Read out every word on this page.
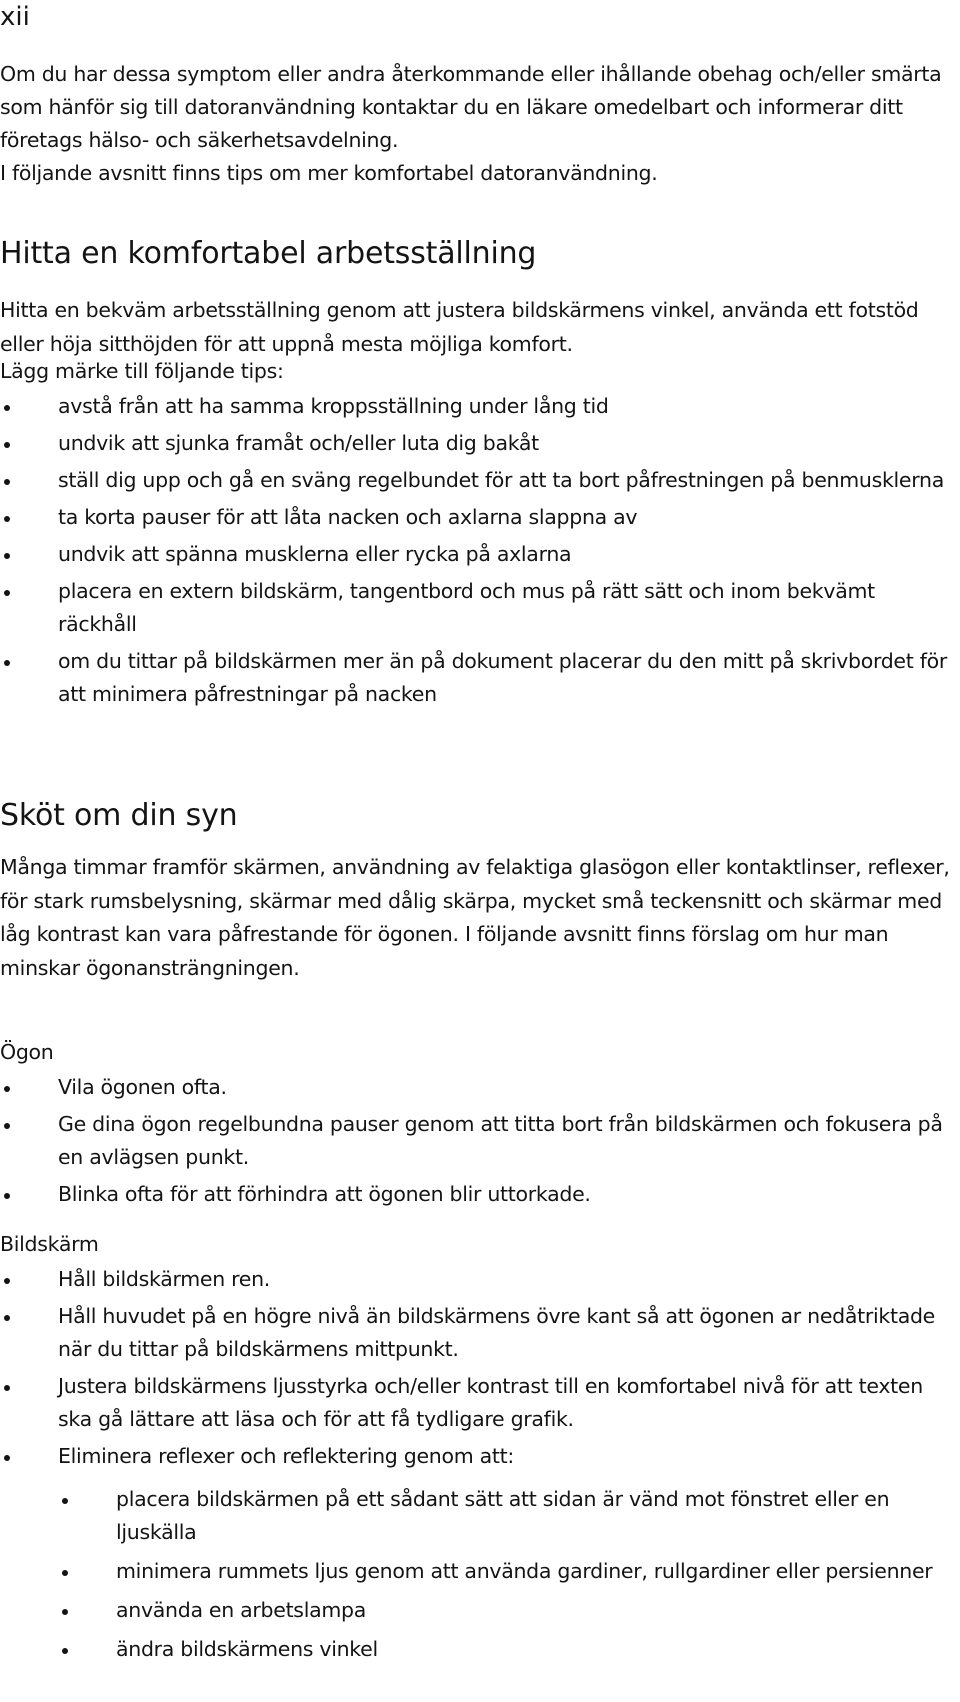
xii

Om du har dessa symptom eller andra återkommande eller ihållande obehag och/eller smärta som hänför sig till datoranvändning kontaktar du en läkare omedelbart och informerar ditt företags hälso- och säkerhetsavdelning.

I följande avsnitt finns tips om mer komfortabel datoranvändning.

Hitta en komfortabel arbetsställning

Hitta en bekväm arbetsställning genom att justera bildskärmens vinkel, använda ett fotstöd eller höja sitthöjden för att uppnå mesta möjliga komfort.

Lägg märke till följande tips:

avstå från att ha samma kroppsställning under lång tid
undvik att sjunka framåt och/eller luta dig bakåt
ställ dig upp och gå en sväng regelbundet för att ta bort påfrestningen på benmusklerna
ta korta pauser för att låta nacken och axlarna slappna av
undvik att spänna musklerna eller rycka på axlarna
placera en extern bildskärm, tangentbord och mus på rätt sätt och inom bekvämt räckhåll
om du tittar på bildskärmen mer än på dokument placerar du den mitt på skrivbordet för att minimera påfrestningar på nacken
Sköt om din syn

Många timmar framför skärmen, användning av felaktiga glasögon eller kontaktlinser, reflexer, för stark rumsbelysning, skärmar med dålig skärpa, mycket små teckensnitt och skärmar med låg kontrast kan vara påfrestande för ögonen. I följande avsnitt finns förslag om hur man minskar ögonansträngningen.

Ögon

Vila ögonen ofta.
Ge dina ögon regelbundna pauser genom att titta bort från bildskärmen och fokusera på en avlägsen punkt.
Blinka ofta för att förhindra att ögonen blir uttorkade.

Bildskärm

Håll bildskärmen ren.
Håll huvudet på en högre nivå än bildskärmens övre kant så att ögonen ar nedåtriktade när du tittar på bildskärmens mittpunkt.
Justera bildskärmens ljusstyrka och/eller kontrast till en komfortabel nivå för att texten ska gå lättare att läsa och för att få tydligare grafik.
Eliminera reflexer och reflektering genom att:
placera bildskärmen på ett sådant sätt att sidan är vänd mot fönstret eller en ljuskälla
minimera rummets ljus genom att använda gardiner, rullgardiner eller persienner
använda en arbetslampa
ändra bildskärmens vinkel
